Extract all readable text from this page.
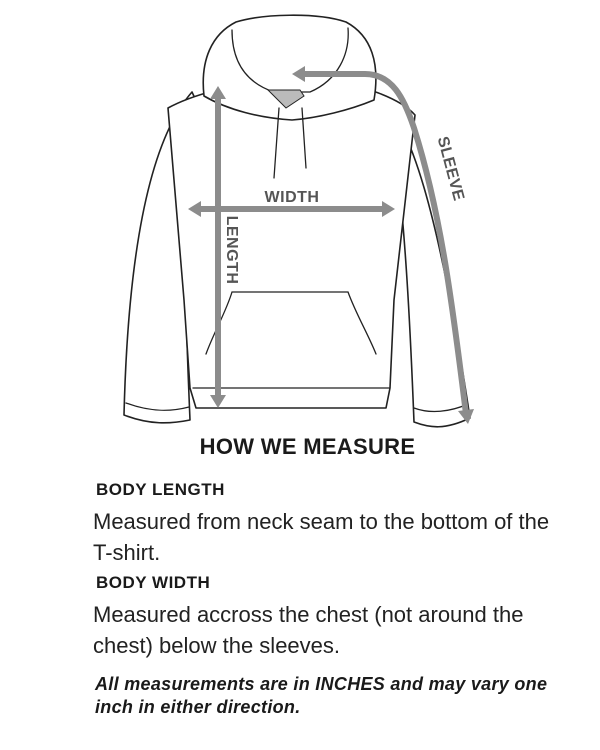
WIDTH
LENGTH
SLEEVE
HOW WE MEASURE
BODY LENGTH

Measured from neck seam to the bottom of the T-shirt.

BODY WIDTH

Measured accross the chest (not around the chest) below the sleeves.

All measurements are in INCHES and may vary one inch in either direction.
